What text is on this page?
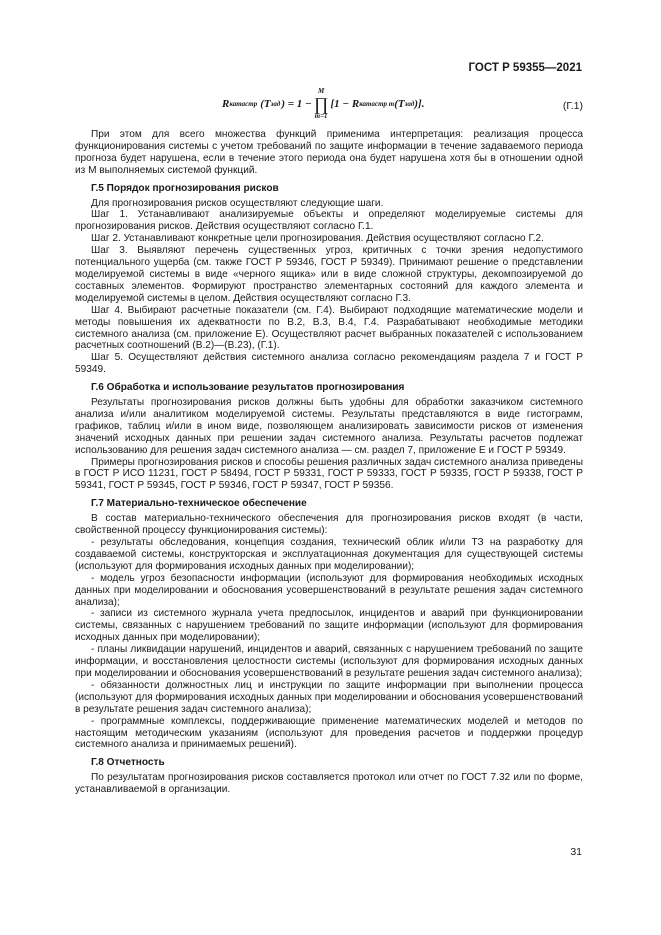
ГОСТ Р 59355—2021
R катастр (T зад ) = 1 −
M
∏
m=1
[1 − R катастр m (T зад )].	(Г.1)

При этом для всего множества функций применима интерпретация: реализация процесса функционирования системы с учетом требований по защите информации в течение задаваемого периода прогноза будет нарушена, если в течение этого периода она будет нарушена хотя бы в отношении одной из M выполняемых системой функций.

Г.5 Порядок прогнозирования рисков

Для прогнозирования рисков осуществляют следующие шаги.

Шаг 1. Устанавливают анализируемые объекты и определяют моделируемые системы для прогнозирования рисков. Действия осуществляют согласно Г.1.

Шаг 2. Устанавливают конкретные цели прогнозирования. Действия осуществляют согласно Г.2.

Шаг 3. Выявляют перечень существенных угроз, критичных с точки зрения недопустимого потенциального ущерба (см. также ГОСТ Р 59346, ГОСТ Р 59349). Принимают решение о представлении моделируемой системы в виде «черного ящика» или в виде сложной структуры, декомпозируемой до составных элементов. Формируют пространство элементарных состояний для каждого элемента и моделируемой системы в целом. Действия осуществляют согласно Г.3.

Шаг 4. Выбирают расчетные показатели (см. Г.4). Выбирают подходящие математические модели и методы повышения их адекватности по В.2, В.3, В.4, Г.4. Разрабатывают необходимые методики системного анализа (см. приложение Е). Осуществляют расчет выбранных показателей с использованием расчетных соотношений (В.2)—(В.23), (Г.1).

Шаг 5. Осуществляют действия системного анализа согласно рекомендациям раздела 7 и ГОСТ Р 59349.

Г.6 Обработка и использование результатов прогнозирования

Результаты прогнозирования рисков должны быть удобны для обработки заказчиком системного анализа и/или аналитиком моделируемой системы. Результаты представляются в виде гистограмм, графиков, таблиц и/или в ином виде, позволяющем анализировать зависимости рисков от изменения значений исходных данных при решении задач системного анализа. Результаты расчетов подлежат использованию для решения задач системного анализа — см. раздел 7, приложение Е и ГОСТ Р 59349.

Примеры прогнозирования рисков и способы решения различных задач системного анализа приведены в ГОСТ Р ИСО 11231, ГОСТ Р 58494, ГОСТ Р 59331, ГОСТ Р 59333, ГОСТ Р 59335, ГОСТ Р 59338, ГОСТ Р 59341, ГОСТ Р 59345, ГОСТ Р 59346, ГОСТ Р 59347, ГОСТ Р 59356.

Г.7 Материально-техническое обеспечение

В состав материально-технического обеспечения для прогнозирования рисков входят (в части, свойственной процессу функционирования системы):

- результаты обследования, концепция создания, технический облик и/или ТЗ на разработку для создаваемой системы, конструкторская и эксплуатационная документация для существующей системы (используют для формирования исходных данных при моделировании);

- модель угроз безопасности информации (используют для формирования необходимых исходных данных при моделировании и обоснования усовершенствований в результате решения задач системного анализа);

- записи из системного журнала учета предпосылок, инцидентов и аварий при функционировании системы, связанных с нарушением требований по защите информации (используют для формирования исходных данных при моделировании);

- планы ликвидации нарушений, инцидентов и аварий, связанных с нарушением требований по защите информации, и восстановления целостности системы (используют для формирования исходных данных при моделировании и обоснования усовершенствований в результате решения задач системного анализа);

- обязанности должностных лиц и инструкции по защите информации при выполнении процесса (используют для формирования исходных данных при моделировании и обоснования усовершенствований в результате решения задач системного анализа);

- программные комплексы, поддерживающие применение математических моделей и методов по настоящим методическим указаниям (используют для проведения расчетов и поддержки процедур системного анализа и принимаемых решений).

Г.8 Отчетность

По результатам прогнозирования рисков составляется протокол или отчет по ГОСТ 7.32 или по форме, устанавливаемой в организации.

31
